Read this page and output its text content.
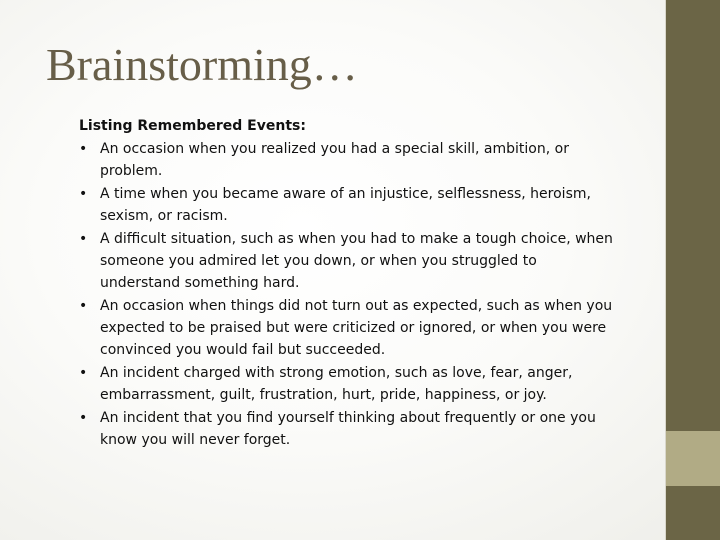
Brainstorming…

Listing Remembered Events:

• An occasion when you realized you had a special skill, ambition, or problem.
• A time when you became aware of an injustice, selflessness, heroism, sexism, or racism.
• A difficult situation, such as when you had to make a tough choice, when someone you admired let you down, or when you struggled to understand something hard.
• An occasion when things did not turn out as expected, such as when you expected to be praised but were criticized or ignored, or when you were convinced you would fail but succeeded.
• An incident charged with strong emotion, such as love, fear, anger, embarrassment, guilt, frustration, hurt, pride, happiness, or joy.
• An incident that you find yourself thinking about frequently or one you know you will never forget.
